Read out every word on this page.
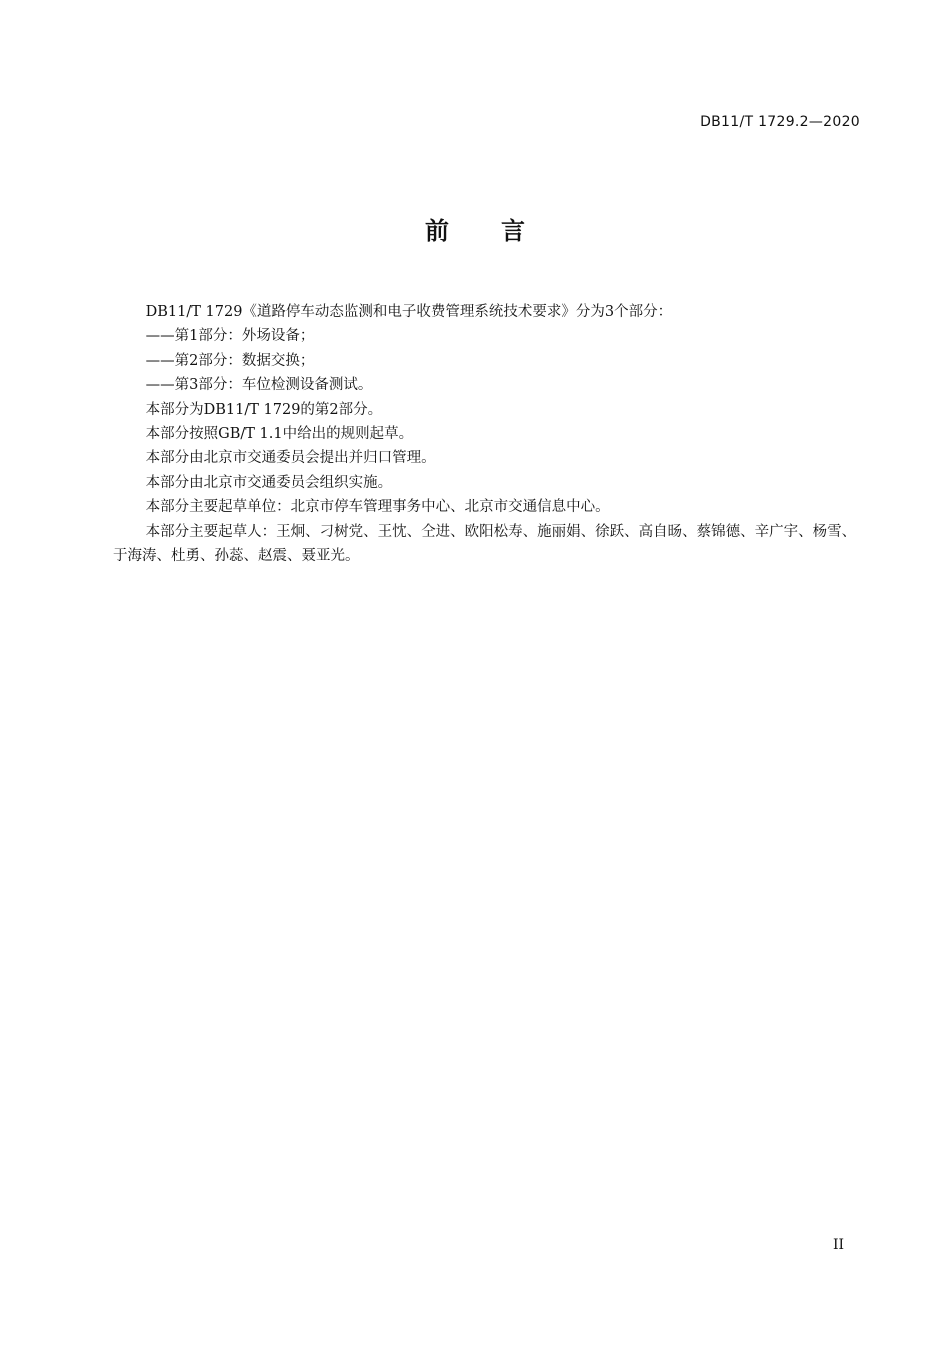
DB11/T 1729.2—2020

前言

DB11/T 1729《道路停车动态监测和电子收费管理系统技术要求》分为3个部分：

——第1部分：外场设备；

——第2部分：数据交换；

——第3部分：车位检测设备测试。

本部分为DB11/T 1729的第2部分。

本部分按照GB/T 1.1中给出的规则起草。

本部分由北京市交通委员会提出并归口管理。

本部分由北京市交通委员会组织实施。

本部分主要起草单位：北京市停车管理事务中心、北京市交通信息中心。

本部分主要起草人：王炯、刁树党、王忱、仝进、欧阳松寿、施丽娟、徐跃、高自旸、蔡锦德、辛广宇、杨雪、于海涛、杜勇、孙蕊、赵震、聂亚光。

II
